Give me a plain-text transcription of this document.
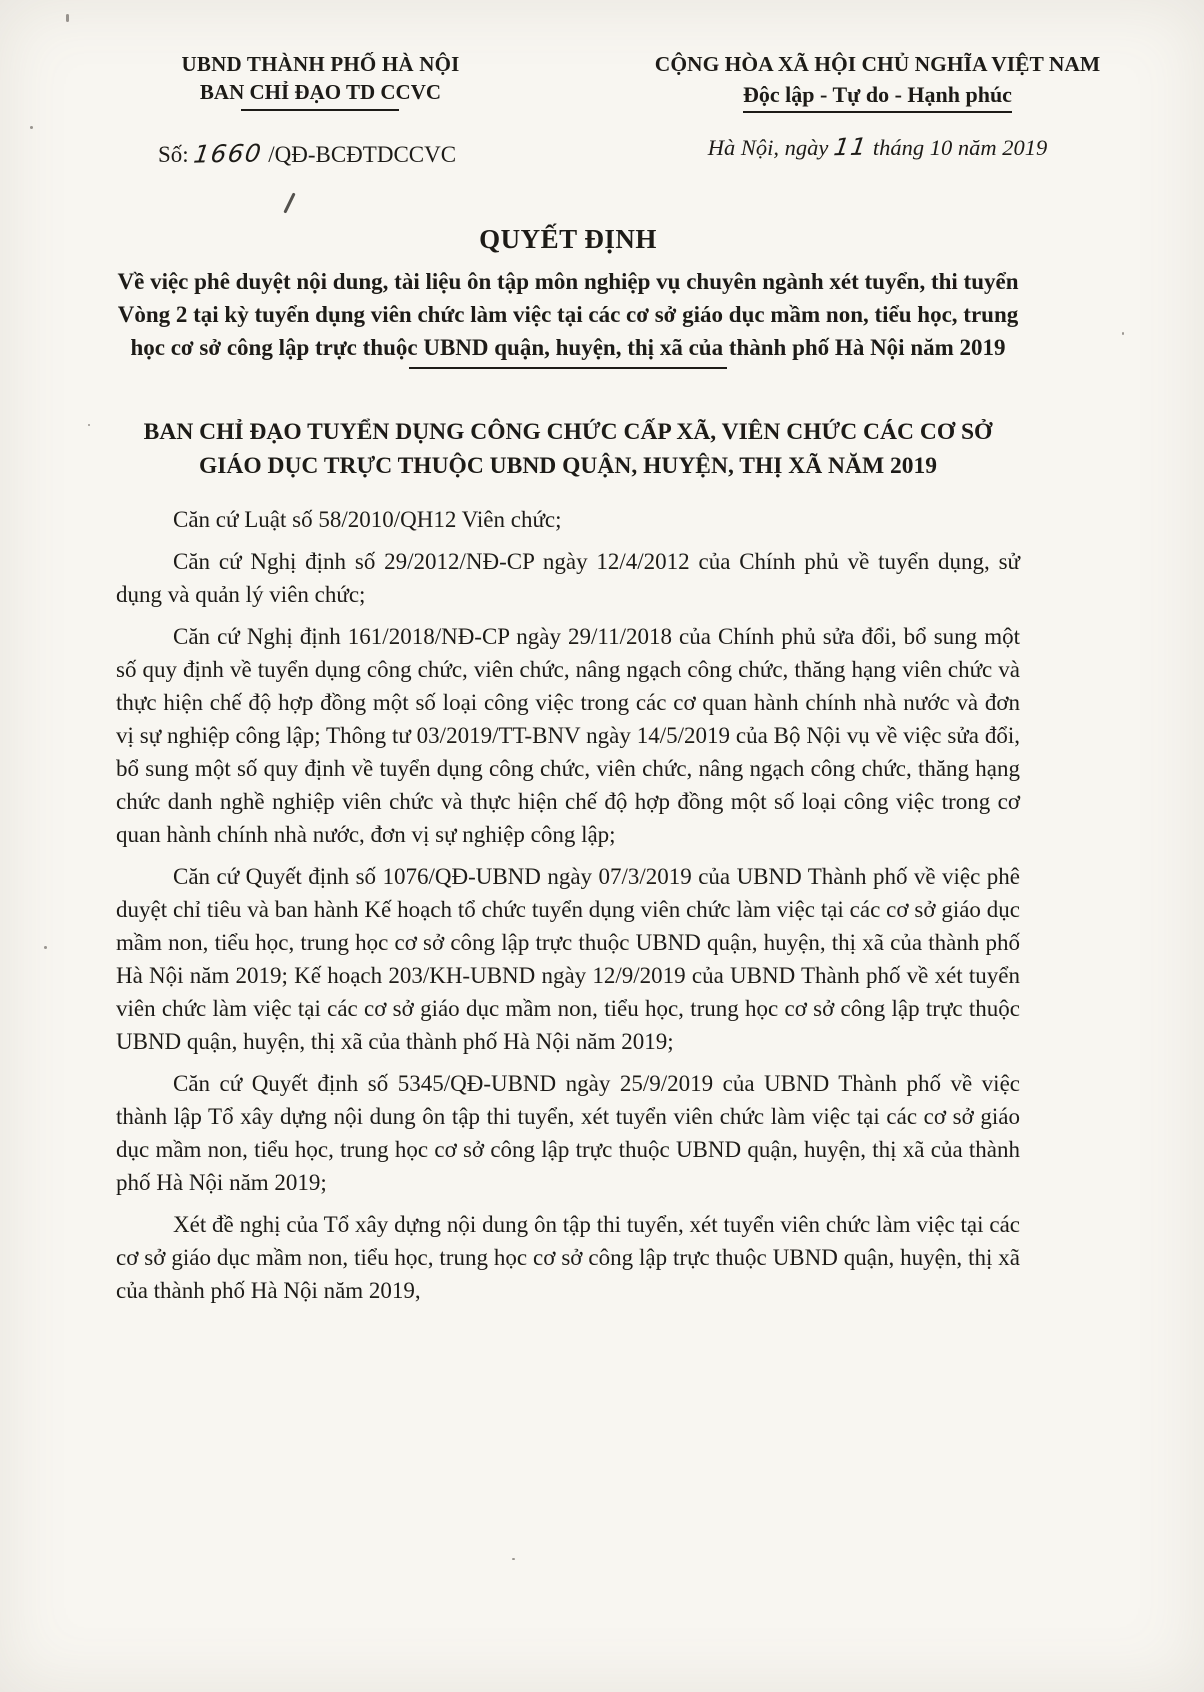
UBND THÀNH PHỐ HÀ NỘI
BAN CHỈ ĐẠO TD CCVC
Số: 1660 /QĐ-BCĐTDCCVC
CỘNG HÒA XÃ HỘI CHỦ NGHĨA VIỆT NAM
Độc lập - Tự do - Hạnh phúc
Hà Nội, ngày 11 tháng 10 năm 2019
QUYẾT ĐỊNH
Về việc phê duyệt nội dung, tài liệu ôn tập môn nghiệp vụ chuyên ngành xét tuyển, thi tuyển Vòng 2 tại kỳ tuyển dụng viên chức làm việc tại các cơ sở giáo dục mầm non, tiểu học, trung học cơ sở công lập trực thuộc UBND quận, huyện, thị xã của thành phố Hà Nội năm 2019
BAN CHỈ ĐẠO TUYỂN DỤNG CÔNG CHỨC CẤP XÃ, VIÊN CHỨC CÁC CƠ SỞ GIÁO DỤC TRỰC THUỘC UBND QUẬN, HUYỆN, THỊ XÃ NĂM 2019

Căn cứ Luật số 58/2010/QH12 Viên chức;

Căn cứ Nghị định số 29/2012/NĐ-CP ngày 12/4/2012 của Chính phủ về tuyển dụng, sử dụng và quản lý viên chức;

Căn cứ Nghị định 161/2018/NĐ-CP ngày 29/11/2018 của Chính phủ sửa đổi, bổ sung một số quy định về tuyển dụng công chức, viên chức, nâng ngạch công chức, thăng hạng viên chức và thực hiện chế độ hợp đồng một số loại công việc trong các cơ quan hành chính nhà nước và đơn vị sự nghiệp công lập; Thông tư 03/2019/TT-BNV ngày 14/5/2019 của Bộ Nội vụ về việc sửa đổi, bổ sung một số quy định về tuyển dụng công chức, viên chức, nâng ngạch công chức, thăng hạng chức danh nghề nghiệp viên chức và thực hiện chế độ hợp đồng một số loại công việc trong cơ quan hành chính nhà nước, đơn vị sự nghiệp công lập;

Căn cứ Quyết định số 1076/QĐ-UBND ngày 07/3/2019 của UBND Thành phố về việc phê duyệt chỉ tiêu và ban hành Kế hoạch tổ chức tuyển dụng viên chức làm việc tại các cơ sở giáo dục mầm non, tiểu học, trung học cơ sở công lập trực thuộc UBND quận, huyện, thị xã của thành phố Hà Nội năm 2019; Kế hoạch 203/KH-UBND ngày 12/9/2019 của UBND Thành phố về xét tuyển viên chức làm việc tại các cơ sở giáo dục mầm non, tiểu học, trung học cơ sở công lập trực thuộc UBND quận, huyện, thị xã của thành phố Hà Nội năm 2019;

Căn cứ Quyết định số 5345/QĐ-UBND ngày 25/9/2019 của UBND Thành phố về việc thành lập Tổ xây dựng nội dung ôn tập thi tuyển, xét tuyển viên chức làm việc tại các cơ sở giáo dục mầm non, tiểu học, trung học cơ sở công lập trực thuộc UBND quận, huyện, thị xã của thành phố Hà Nội năm 2019;

Xét đề nghị của Tổ xây dựng nội dung ôn tập thi tuyển, xét tuyển viên chức làm việc tại các cơ sở giáo dục mầm non, tiểu học, trung học cơ sở công lập trực thuộc UBND quận, huyện, thị xã của thành phố Hà Nội năm 2019,
